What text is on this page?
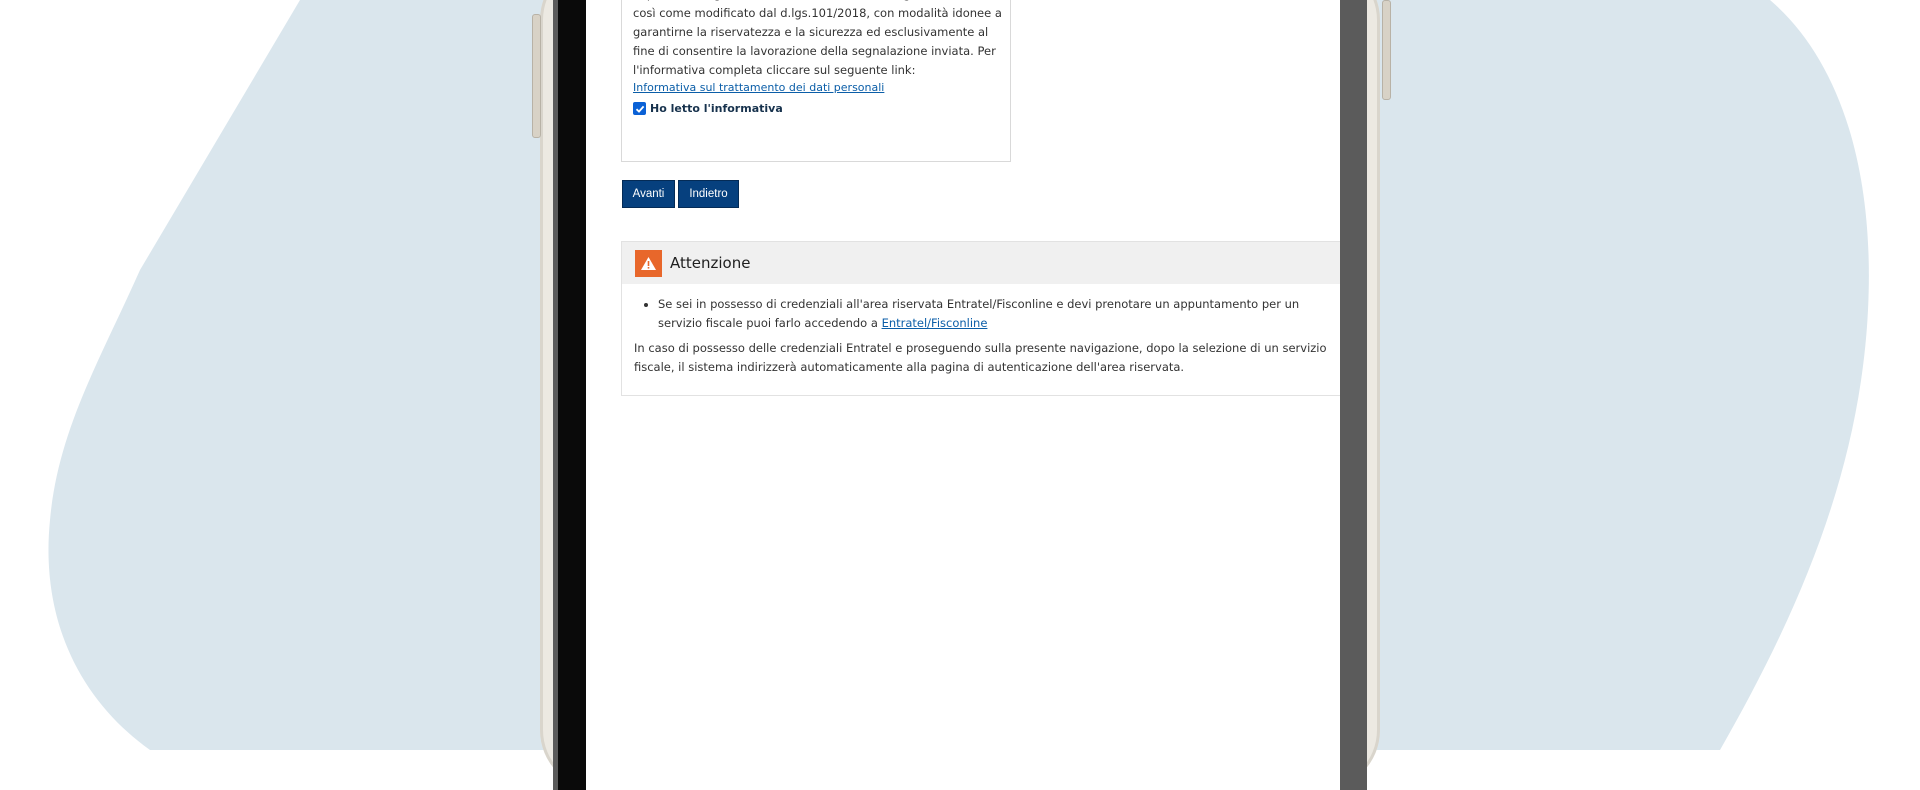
così come modificato dal d.lgs.101/2018, con modalità idonee a garantirne la riservatezza e la sicurezza ed esclusivamente al fine di consentire la lavorazione della segnalazione inviata. Per l'informativa completa cliccare sul seguente link:

Informativa sul trattamento dei dati personali
Ho letto l'informativa
Avanti	Indietro
Attenzione
• Se sei in possesso di credenziali all'area riservata Entratel/Fisconline e devi prenotare un appuntamento per un servizio fiscale puoi farlo accedendo a Entratel/Fisconline

In caso di possesso delle credenziali Entratel e proseguendo sulla presente navigazione, dopo la selezione di un servizio fiscale, il sistema indirizzerà automaticamente alla pagina di autenticazione dell'area riservata.
